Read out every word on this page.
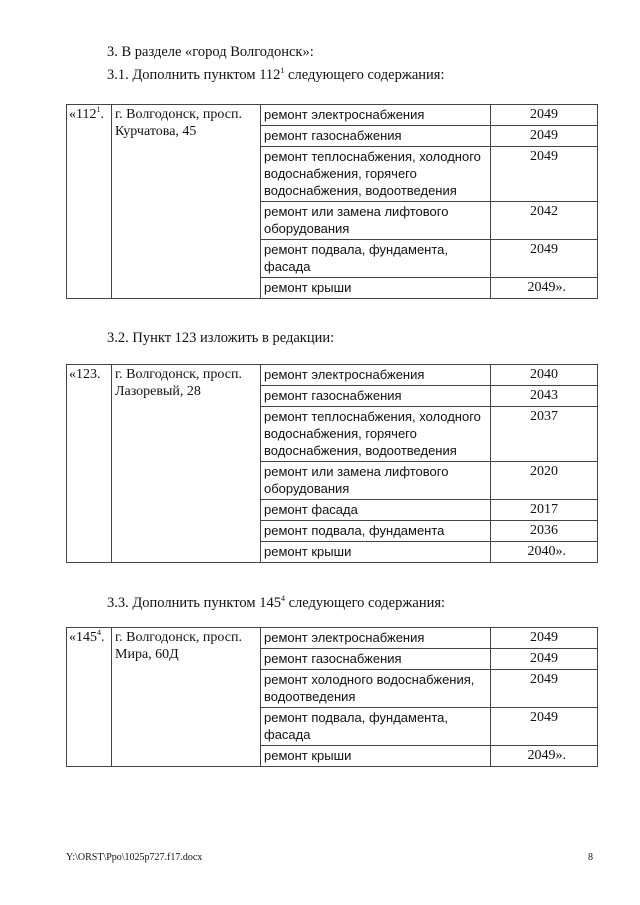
3. В разделе «город Волгодонск»:
3.1. Дополнить пунктом $112^1$ следующего содержания:
«$112^1$.	г. Волгодонск, просп. Курчатова, 45	ремонт электроснабжения	2049
		ремонт газоснабжения	2049
		ремонт теплоснабжения, холодного водоснабжения, горячего водоснабжения, водоотведения	2049
		ремонт или замена лифтового оборудования	2042
		ремонт подвала, фундамента, фасада	2049
		ремонт крыши	2049».
3.2. Пункт 123 изложить в редакции:
«123.	г. Волгодонск, просп. Лазоревый, 28	ремонт электроснабжения	2040
		ремонт газоснабжения	2043
		ремонт теплоснабжения, холодного водоснабжения, горячего водоснабжения, водоотведения	2037
		ремонт или замена лифтового оборудования	2020
		ремонт фасада	2017
		ремонт подвала, фундамента	2036
		ремонт крыши	2040».
3.3. Дополнить пунктом $145^4$ следующего содержания:
«$145^4$.	г. Волгодонск, просп. Мира, 60Д	ремонт электроснабжения	2049
		ремонт газоснабжения	2049
		ремонт холодного водоснабжения, водоотведения	2049
		ремонт подвала, фундамента, фасада	2049
		ремонт крыши	2049».
Y:\ORST\Ppo\1025p727.f17.docx	8
